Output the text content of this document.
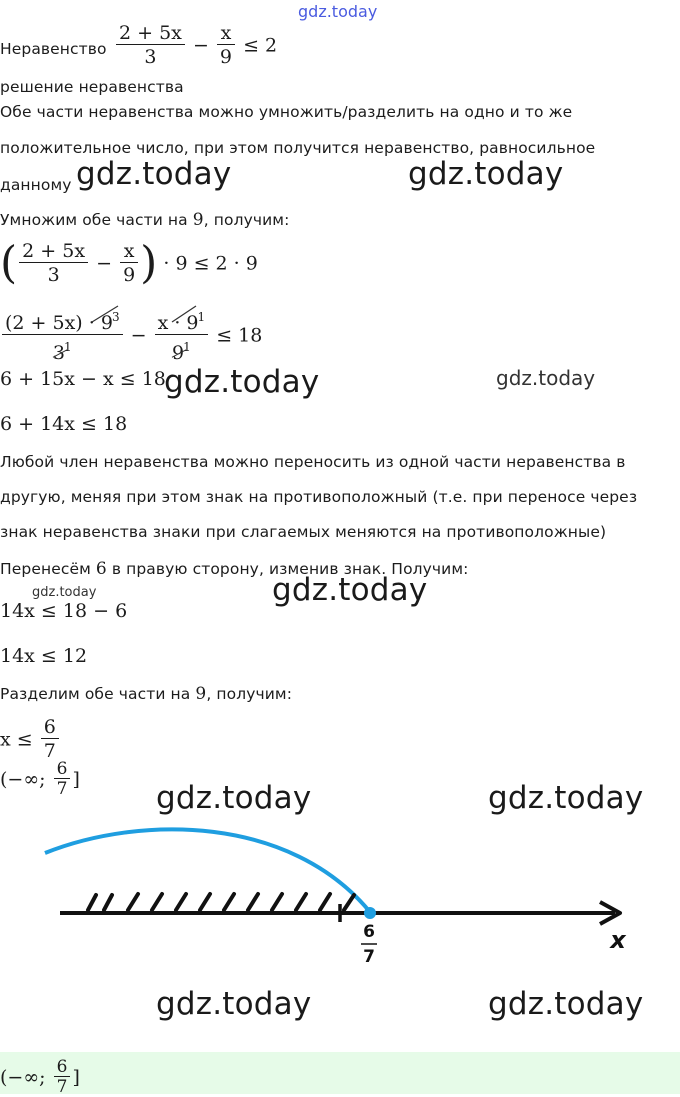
gdz.today
Неравенство $\frac{2 + 5x}{3} - \frac{x}{9} \le 2$
решение неравенства
Обе части неравенства можно умножить/разделить на одно и то же
положительное число, при этом получится неравенство, равносильное
данному gdz.today	gdz.today
Умножим обе части на 9, получим:
( $\frac{2 + 5x}{3} - \frac{x}{9}$ ) · 9 ≤ 2 · 9
$\frac{(2 + 5x) \cdot 9^3}{3^1} - \frac{x \cdot 9^1}{9^1} \le 18$
6 + 15x − x ≤ 18
gdz.today	gdz.today
6 + 14x ≤ 18
Любой член неравенства можно переносить из одной части неравенства в
другую, меняя при этом знак на противоположный (т.е. при переносе через
знак неравенства знаки при слагаемых меняются на противоположные)
Перенесём 6 в правую сторону, изменив знак. Получим:
gdz.today	gdz.today
14x ≤ 18 − 6
14x ≤ 12
Разделим обе части на 9, получим:
$x \le \frac{6}{7}$
(−∞; $\frac{6}{7}$ ]
gdz.today	gdz.today
6
7
x
gdz.today	gdz.today
(−∞; $\frac{6}{7}$ ]
